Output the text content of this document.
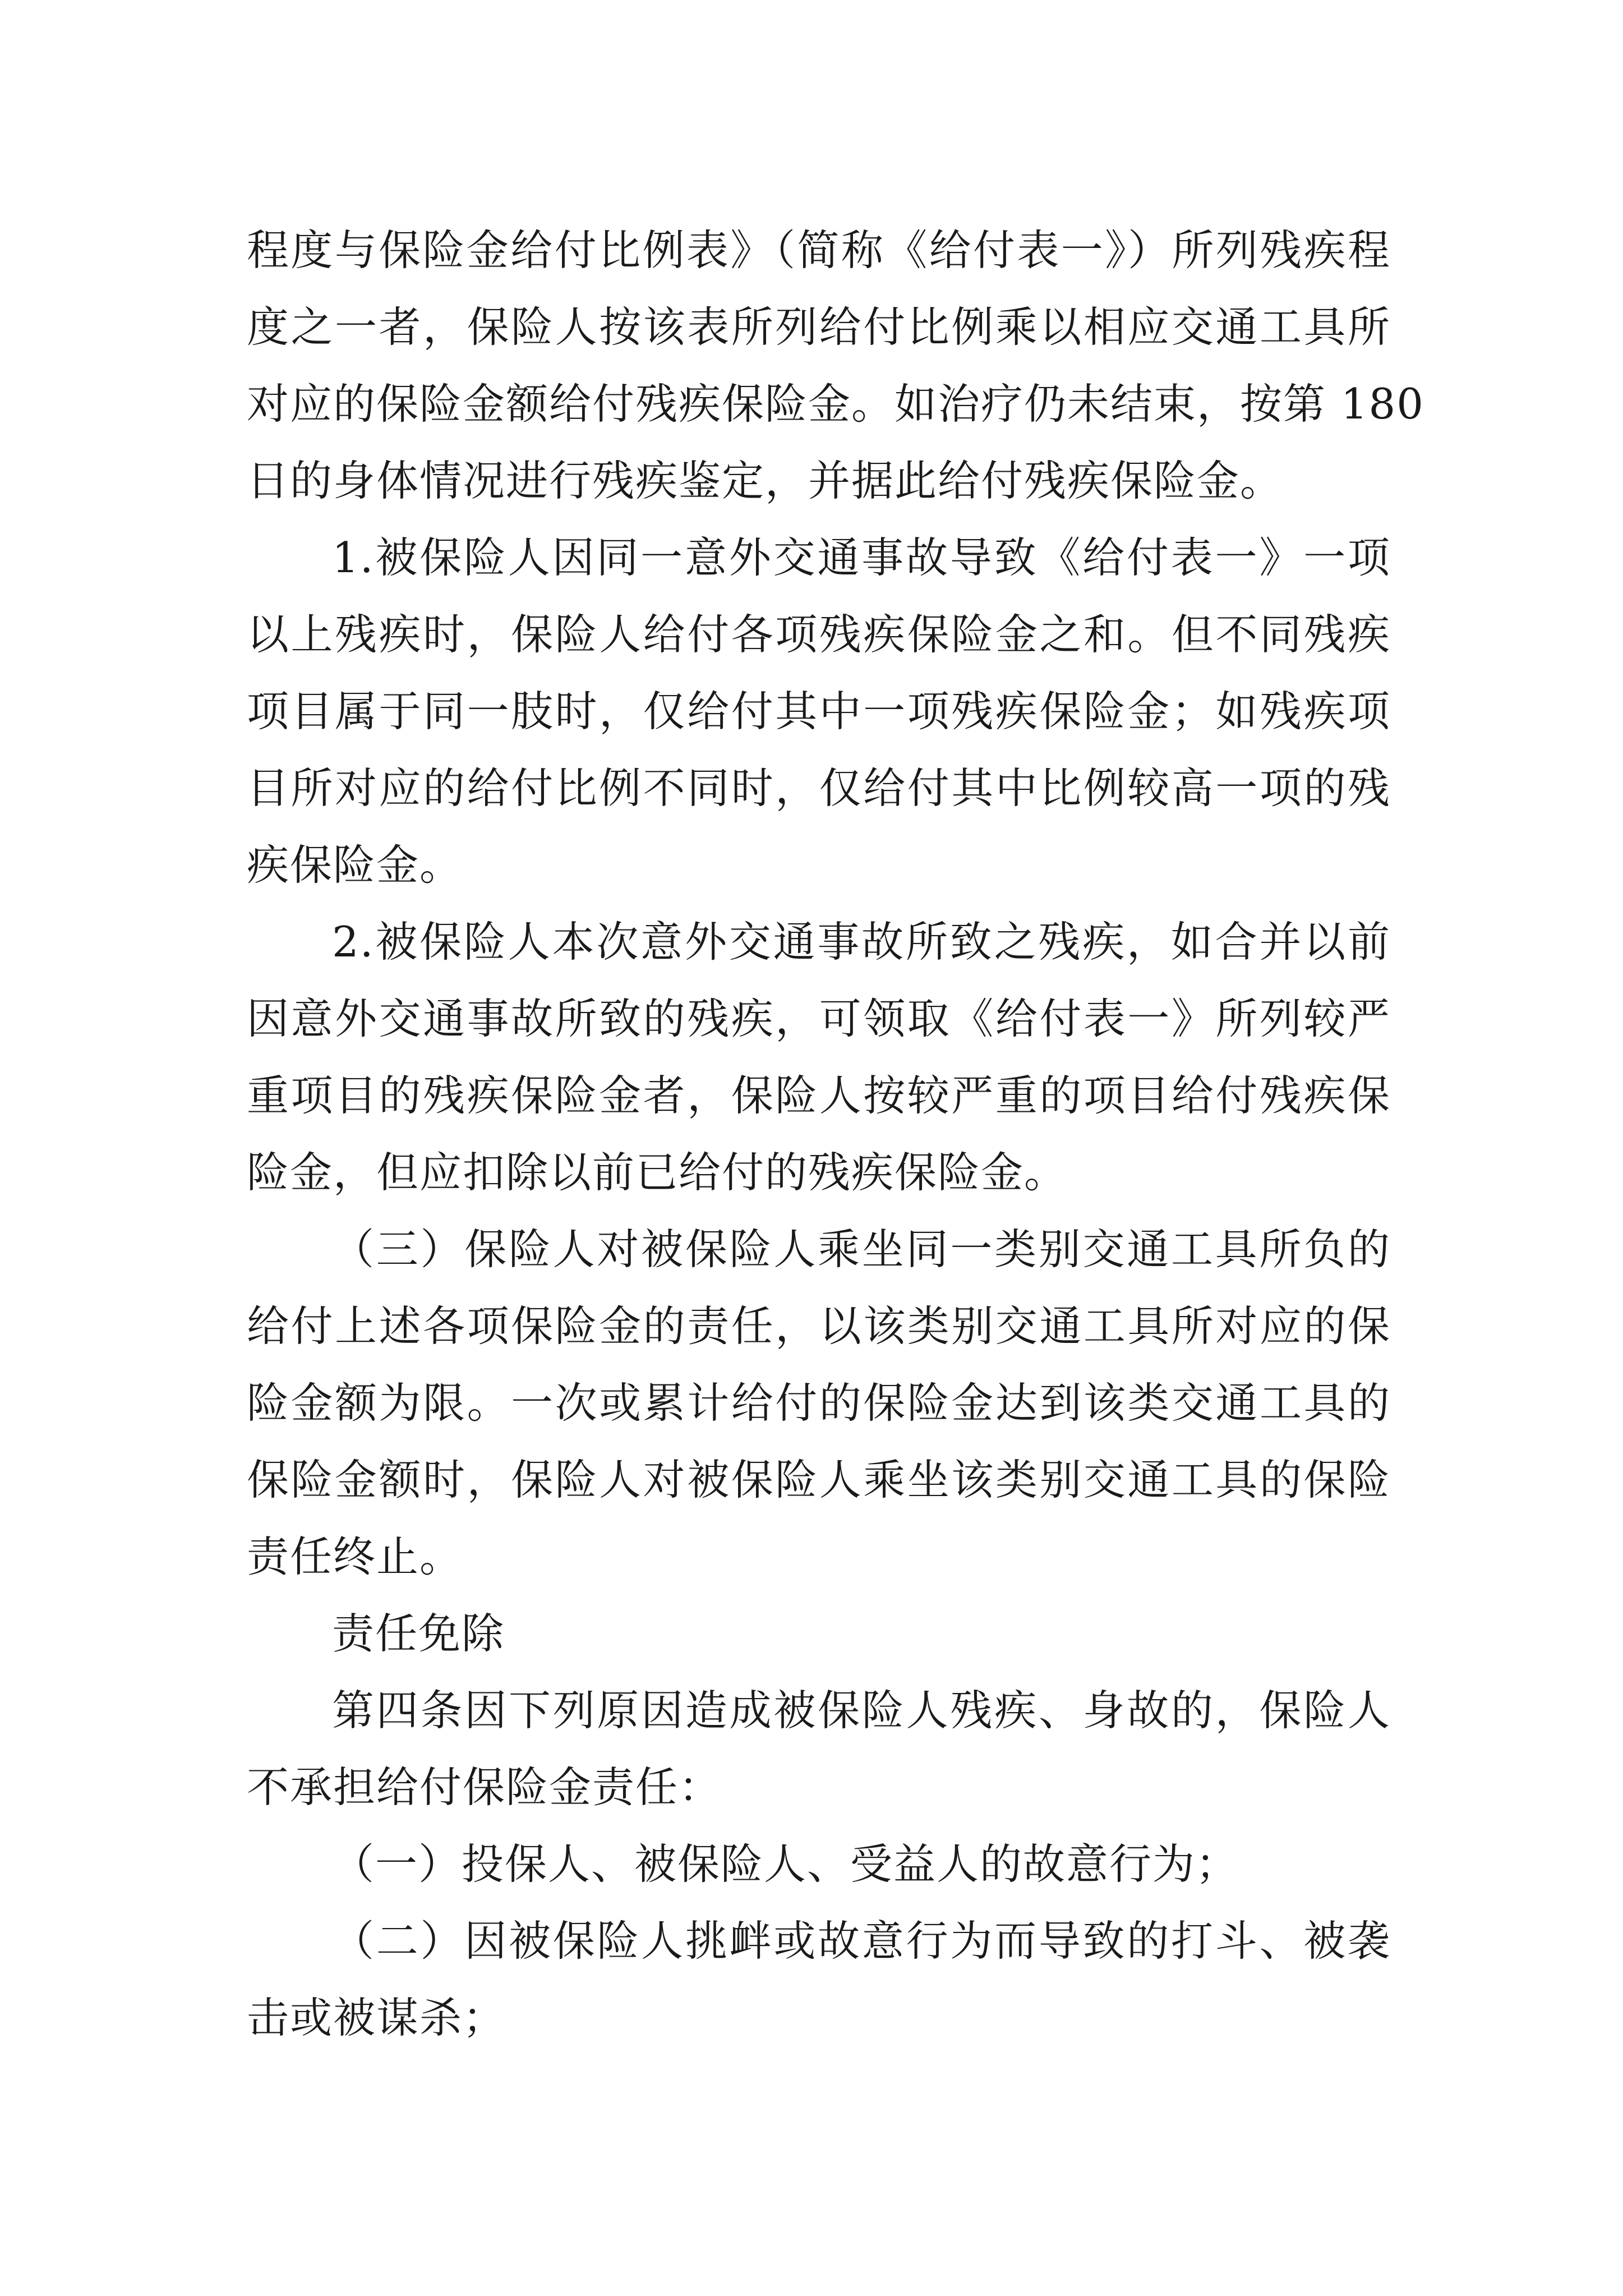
程度与保险金给付比例表》（简称《给付表一》）所列残疾程
度之一者，保险人按该表所列给付比例乘以相应交通工具所
对应的保险金额给付残疾保险金。如治疗仍未结束，按第 180
日的身体情况进行残疾鉴定，并据此给付残疾保险金。
1.被保险人因同一意外交通事故导致《给付表一》一项
以上残疾时，保险人给付各项残疾保险金之和。但不同残疾
项目属于同一肢时，仅给付其中一项残疾保险金；如残疾项
目所对应的给付比例不同时，仅给付其中比例较高一项的残
疾保险金。
2.被保险人本次意外交通事故所致之残疾，如合并以前
因意外交通事故所致的残疾，可领取《给付表一》所列较严
重项目的残疾保险金者，保险人按较严重的项目给付残疾保
险金，但应扣除以前已给付的残疾保险金。
（三）保险人对被保险人乘坐同一类别交通工具所负的
给付上述各项保险金的责任，以该类别交通工具所对应的保
险金额为限。一次或累计给付的保险金达到该类交通工具的
保险金额时，保险人对被保险人乘坐该类别交通工具的保险
责任终止。
责任免除
第四条因下列原因造成被保险人残疾、身故的，保险人
不承担给付保险金责任：
（一）投保人、被保险人、受益人的故意行为；
（二）因被保险人挑衅或故意行为而导致的打斗、被袭
击或被谋杀；
